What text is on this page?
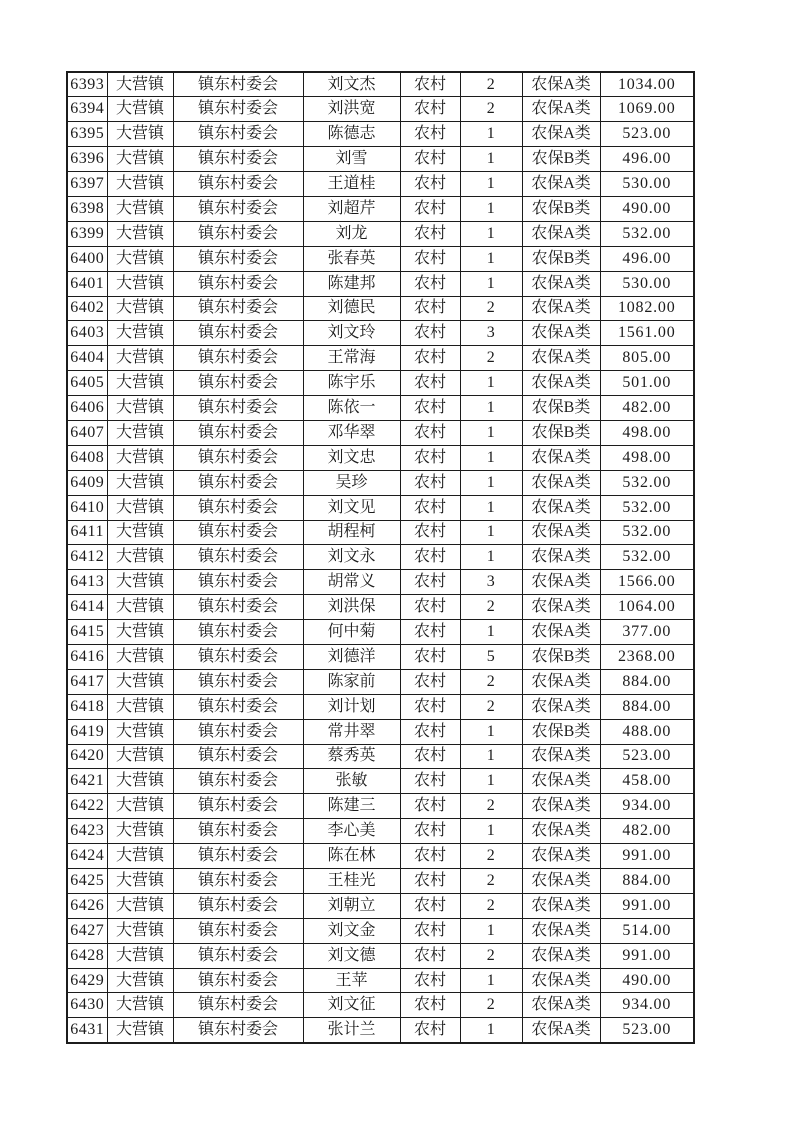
6393	大营镇	镇东村委会	刘文杰	农村	2	农保A类	1034.00
6394	大营镇	镇东村委会	刘洪宽	农村	2	农保A类	1069.00
6395	大营镇	镇东村委会	陈德志	农村	1	农保A类	523.00
6396	大营镇	镇东村委会	刘雪	农村	1	农保B类	496.00
6397	大营镇	镇东村委会	王道桂	农村	1	农保A类	530.00
6398	大营镇	镇东村委会	刘超芹	农村	1	农保B类	490.00
6399	大营镇	镇东村委会	刘龙	农村	1	农保A类	532.00
6400	大营镇	镇东村委会	张春英	农村	1	农保B类	496.00
6401	大营镇	镇东村委会	陈建邦	农村	1	农保A类	530.00
6402	大营镇	镇东村委会	刘德民	农村	2	农保A类	1082.00
6403	大营镇	镇东村委会	刘文玲	农村	3	农保A类	1561.00
6404	大营镇	镇东村委会	王常海	农村	2	农保A类	805.00
6405	大营镇	镇东村委会	陈宇乐	农村	1	农保A类	501.00
6406	大营镇	镇东村委会	陈依一	农村	1	农保B类	482.00
6407	大营镇	镇东村委会	邓华翠	农村	1	农保B类	498.00
6408	大营镇	镇东村委会	刘文忠	农村	1	农保A类	498.00
6409	大营镇	镇东村委会	吴珍	农村	1	农保A类	532.00
6410	大营镇	镇东村委会	刘文见	农村	1	农保A类	532.00
6411	大营镇	镇东村委会	胡程柯	农村	1	农保A类	532.00
6412	大营镇	镇东村委会	刘文永	农村	1	农保A类	532.00
6413	大营镇	镇东村委会	胡常义	农村	3	农保A类	1566.00
6414	大营镇	镇东村委会	刘洪保	农村	2	农保A类	1064.00
6415	大营镇	镇东村委会	何中菊	农村	1	农保A类	377.00
6416	大营镇	镇东村委会	刘德洋	农村	5	农保B类	2368.00
6417	大营镇	镇东村委会	陈家前	农村	2	农保A类	884.00
6418	大营镇	镇东村委会	刘计划	农村	2	农保A类	884.00
6419	大营镇	镇东村委会	常井翠	农村	1	农保B类	488.00
6420	大营镇	镇东村委会	蔡秀英	农村	1	农保A类	523.00
6421	大营镇	镇东村委会	张敏	农村	1	农保A类	458.00
6422	大营镇	镇东村委会	陈建三	农村	2	农保A类	934.00
6423	大营镇	镇东村委会	李心美	农村	1	农保A类	482.00
6424	大营镇	镇东村委会	陈在林	农村	2	农保A类	991.00
6425	大营镇	镇东村委会	王桂光	农村	2	农保A类	884.00
6426	大营镇	镇东村委会	刘朝立	农村	2	农保A类	991.00
6427	大营镇	镇东村委会	刘文金	农村	1	农保A类	514.00
6428	大营镇	镇东村委会	刘文德	农村	2	农保A类	991.00
6429	大营镇	镇东村委会	王苹	农村	1	农保A类	490.00
6430	大营镇	镇东村委会	刘文征	农村	2	农保A类	934.00
6431	大营镇	镇东村委会	张计兰	农村	1	农保A类	523.00
